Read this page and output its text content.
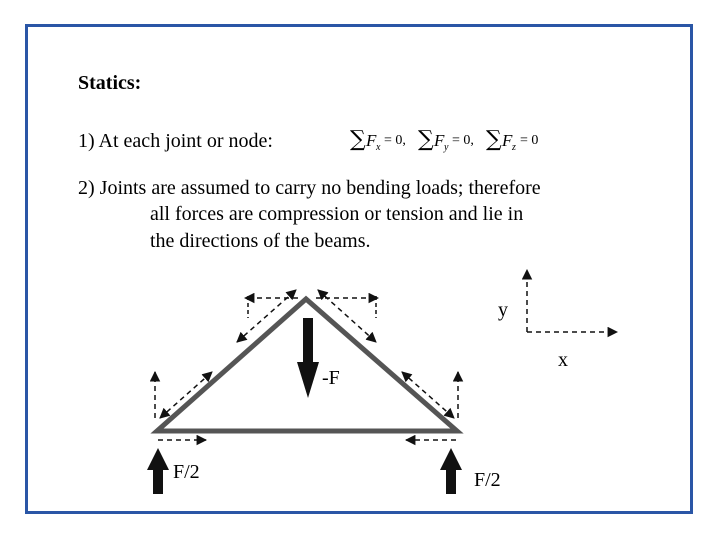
Statics:
1) At each joint or node:	∑ F x = 0, ∑ F y = 0, ∑ F z = 0
2) Joints are assumed to carry no bending loads; therefore
all forces are compression or tension and lie in
the directions of the beams.
-F
F/2	F/2
y
x
